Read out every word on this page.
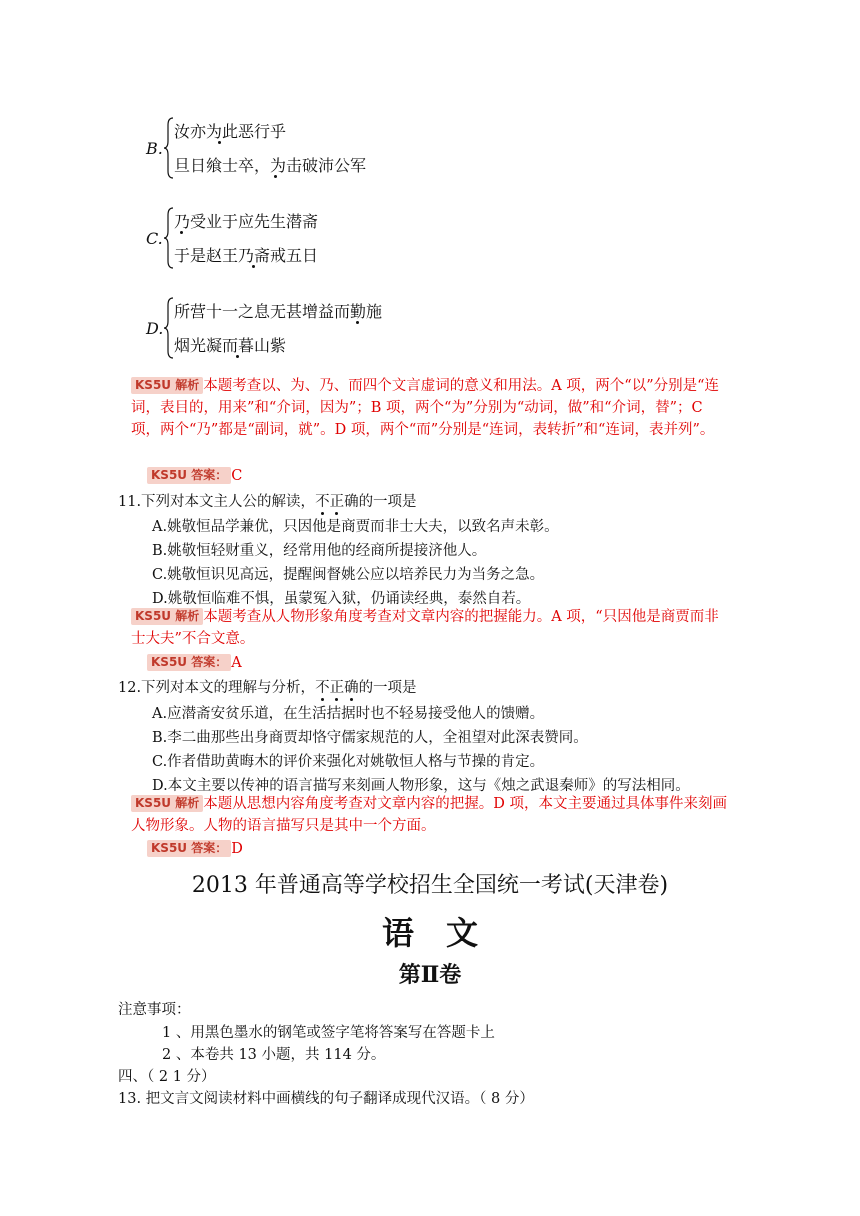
B.
汝亦为此恶行乎
旦日飨士卒，为击破沛公军
C.
乃受业于应先生潜斋
于是赵王乃斋戒五日
D.
所营十一之息无甚增益而勤施
烟光凝而暮山紫
KS5U 解析 本题考查以、为、乃、而四个文言虚词的意义和用法。A 项，两个“以”分别是“连词，表目的，用来”和“介词，因为”；B 项，两个“为”分别为“动词，做”和“介词，替”；C 项，两个“乃”都是“副词，就”。D 项，两个“而”分别是“连词，表转折”和“连词，表并列”。
KS5U 答案： C
11.下列对本文主人公的解读，不正确的一项是
A.姚敬恒品学兼优，只因他是商贾而非士大夫，以致名声未彰。
B.姚敬恒轻财重义，经常用他的经商所提接济他人。
C.姚敬恒识见高远，提醒闽督姚公应以培养民力为当务之急。
D.姚敬恒临难不惧，虽蒙冤入狱，仍诵读经典，泰然自若。
KS5U 解析 本题考查从人物形象角度考查对文章内容的把握能力。A 项，“只因他是商贾而非士大夫”不合文意。
KS5U 答案： A
12.下列对本文的理解与分析，不正确的一项是
A.应潜斋安贫乐道，在生活拮据时也不轻易接受他人的馈赠。
B.李二曲那些出身商贾却恪守儒家规范的人，全祖望对此深表赞同。
C.作者借助黄晦木的评价来强化对姚敬恒人格与节操的肯定。
D.本文主要以传神的语言描写来刻画人物形象，这与《烛之武退秦师》的写法相同。
KS5U 解析 本题从思想内容角度考查对文章内容的把握。D 项，本文主要通过具体事件来刻画人物形象。人物的语言描写只是其中一个方面。
KS5U 答案： D
2013 年普通高等学校招生全国统一考试(天津卷)
语　文
第Ⅱ卷
注意事项：
1 、用黑色墨水的钢笔或签字笔将答案写在答题卡上
2 、本卷共 13 小题，共 114 分。
四、（ 2 1 分）
13. 把文言文阅读材料中画横线的句子翻译成现代汉语。（ 8 分）
